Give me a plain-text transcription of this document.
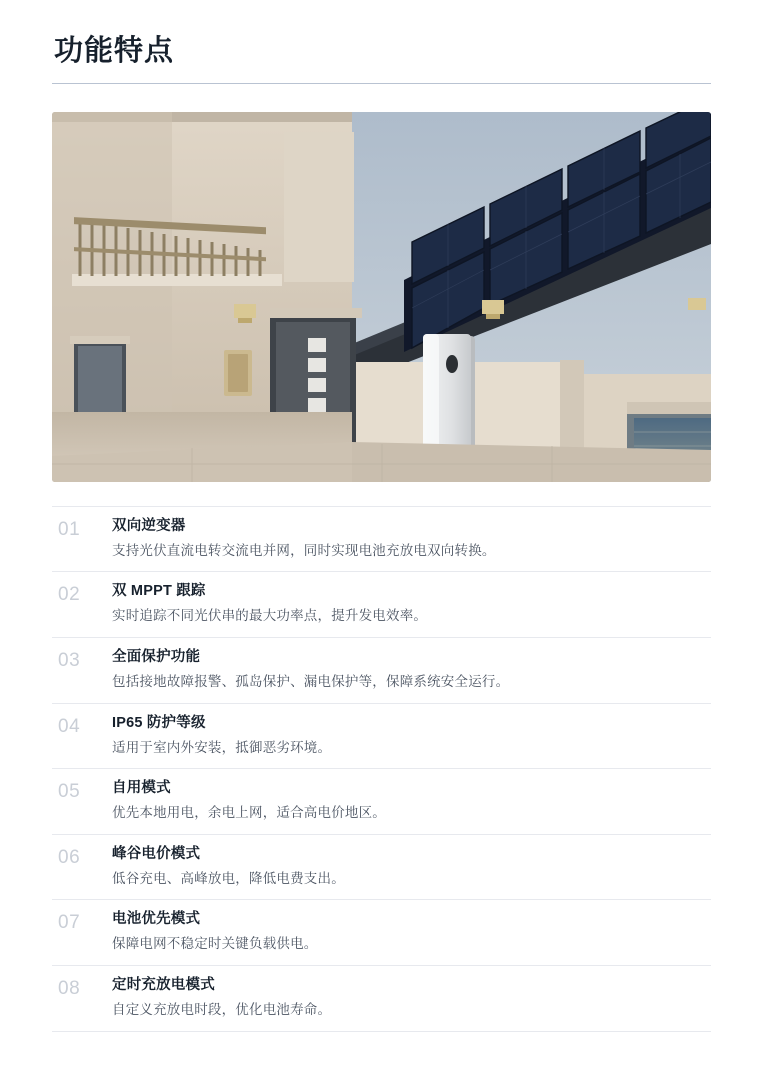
功能特点
01	双向逆变器
支持光伏直流电转交流电并网，同时实现电池充放电双向转换。
02	双 MPPT 跟踪
实时追踪不同光伏串的最大功率点，提升发电效率。
03	全面保护功能
包括接地故障报警、孤岛保护、漏电保护等，保障系统安全运行。
04	IP65 防护等级
适用于室内外安装，抵御恶劣环境。
05	自用模式
优先本地用电，余电上网，适合高电价地区。
06	峰谷电价模式
低谷充电、高峰放电，降低电费支出。
07	电池优先模式
保障电网不稳定时关键负载供电。
08	定时充放电模式
自定义充放电时段，优化电池寿命。
